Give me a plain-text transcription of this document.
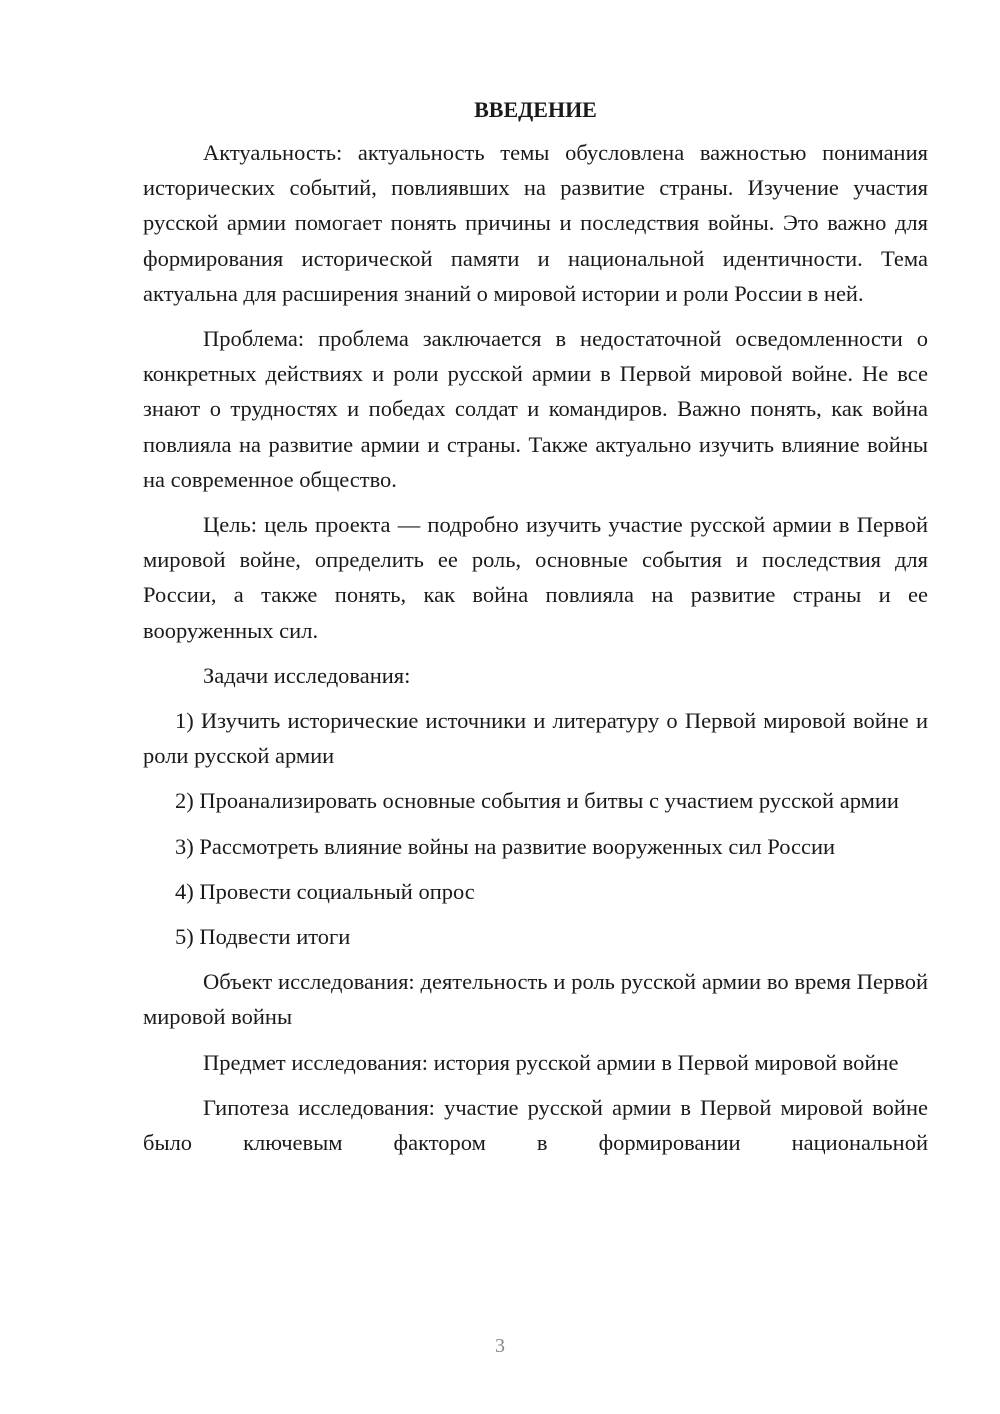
ВВЕДЕНИЕ

Актуальность: актуальность темы обусловлена важностью понимания исторических событий, повлиявших на развитие страны. Изучение участия русской армии помогает понять причины и последствия войны. Это важно для формирования исторической памяти и национальной идентичности. Тема актуальна для расширения знаний о мировой истории и роли России в ней.

Проблема: проблема заключается в недостаточной осведомленности о конкретных действиях и роли русской армии в Первой мировой войне. Не все знают о трудностях и победах солдат и командиров. Важно понять, как война повлияла на развитие армии и страны. Также актуально изучить влияние войны на современное общество.

Цель: цель проекта — подробно изучить участие русской армии в Первой мировой войне, определить ее роль, основные события и последствия для России, а также понять, как война повлияла на развитие страны и ее вооруженных сил.

Задачи исследования:

1) Изучить исторические источники и литературу о Первой мировой войне и роли русской армии

2) Проанализировать основные события и битвы с участием русской армии

3) Рассмотреть влияние войны на развитие вооруженных сил России

4) Провести социальный опрос

5) Подвести итоги

Объект исследования: деятельность и роль русской армии во время Первой мировой войны

Предмет исследования: история русской армии в Первой мировой войне

Гипотеза исследования: участие русской армии в Первой мировой войне было ключевым фактором в формировании национальной

3
